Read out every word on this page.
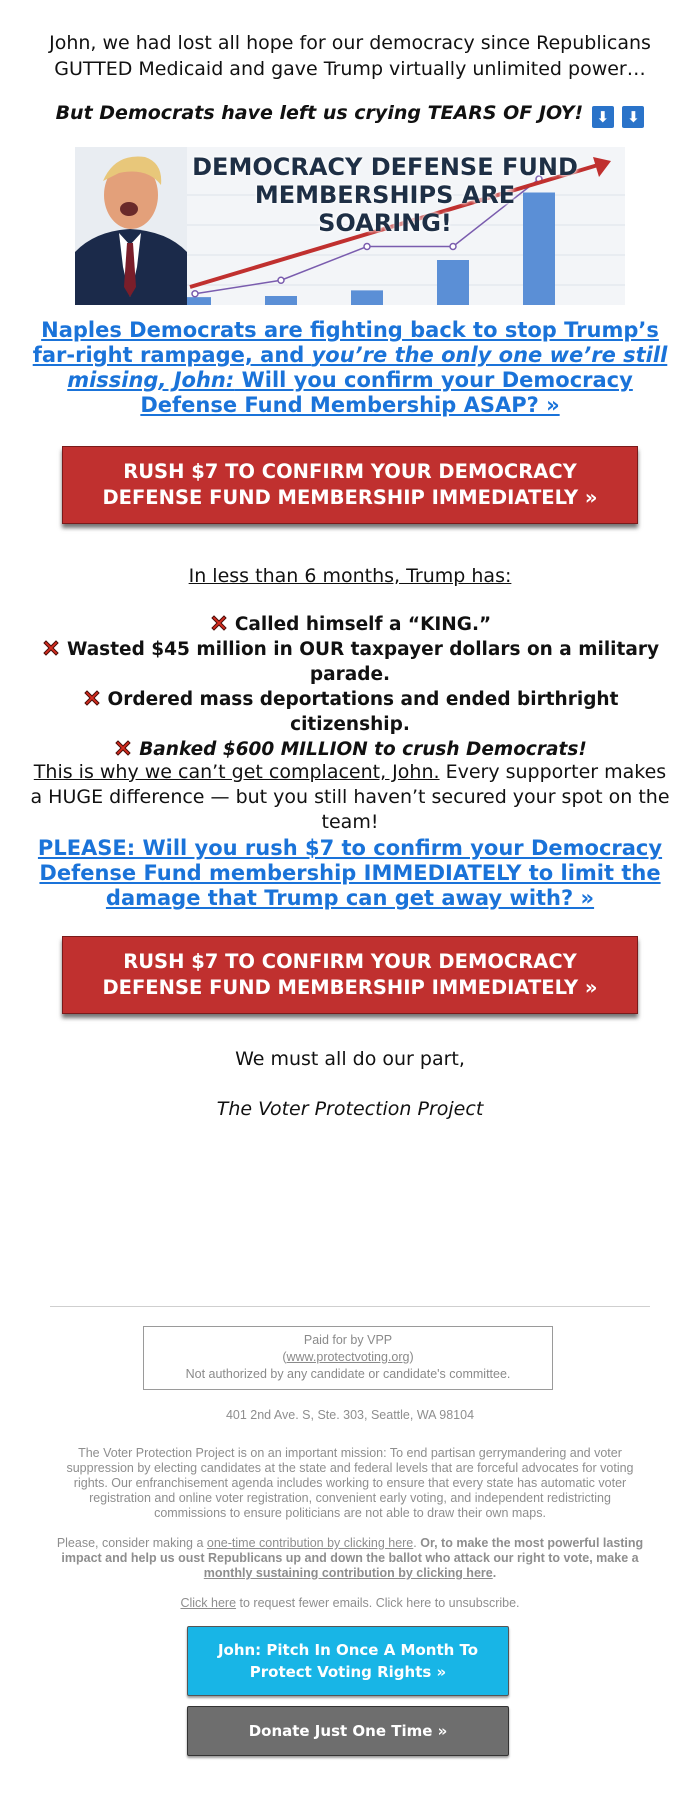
John, we had lost all hope for our democracy since Republicans GUTTED Medicaid and gave Trump virtually unlimited power…

But Democrats have left us crying TEARS OF JOY! ⬇ ⬇

DEMOCRACY DEFENSE FUND
MEMBERSHIPS ARE
SOARING!
Naples Democrats are fighting back to stop Trump’s far-right rampage, and you’re the only one we’re still missing, John: Will you confirm your Democracy Defense Fund Membership ASAP? »
RUSH $7 TO CONFIRM YOUR DEMOCRACY DEFENSE FUND MEMBERSHIP IMMEDIATELY »

In less than 6 months, Trump has:

Called himself a “KING.”

Wasted $45 million in OUR taxpayer dollars on a military parade.

Ordered mass deportations and ended birthright citizenship.

Banked $600 MILLION to crush Democrats!

This is why we can’t get complacent, John. Every supporter makes a HUGE difference — but you still haven’t secured your spot on the team!

PLEASE: Will you rush $7 to confirm your Democracy Defense Fund membership IMMEDIATELY to limit the damage that Trump can get away with? »
RUSH $7 TO CONFIRM YOUR DEMOCRACY DEFENSE FUND MEMBERSHIP IMMEDIATELY »

We must all do our part,

The Voter Protection Project

Paid for by VPP
(www.protectvoting.org)
Not authorized by any candidate or candidate's committee.

401 2nd Ave. S, Ste. 303, Seattle, WA 98104

The Voter Protection Project is on an important mission: To end partisan gerrymandering and voter suppression by electing candidates at the state and federal levels that are forceful advocates for voting rights. Our enfranchisement agenda includes working to ensure that every state has automatic voter registration and online voter registration, convenient early voting, and independent redistricting commissions to ensure politicians are not able to draw their own maps.

Please, consider making a one-time contribution by clicking here. Or, to make the most powerful lasting impact and help us oust Republicans up and down the ballot who attack our right to vote, make a monthly sustaining contribution by clicking here.

Click here to request fewer emails. Click here to unsubscribe.

John: Pitch In Once A Month To Protect Voting Rights »
Donate Just One Time »
